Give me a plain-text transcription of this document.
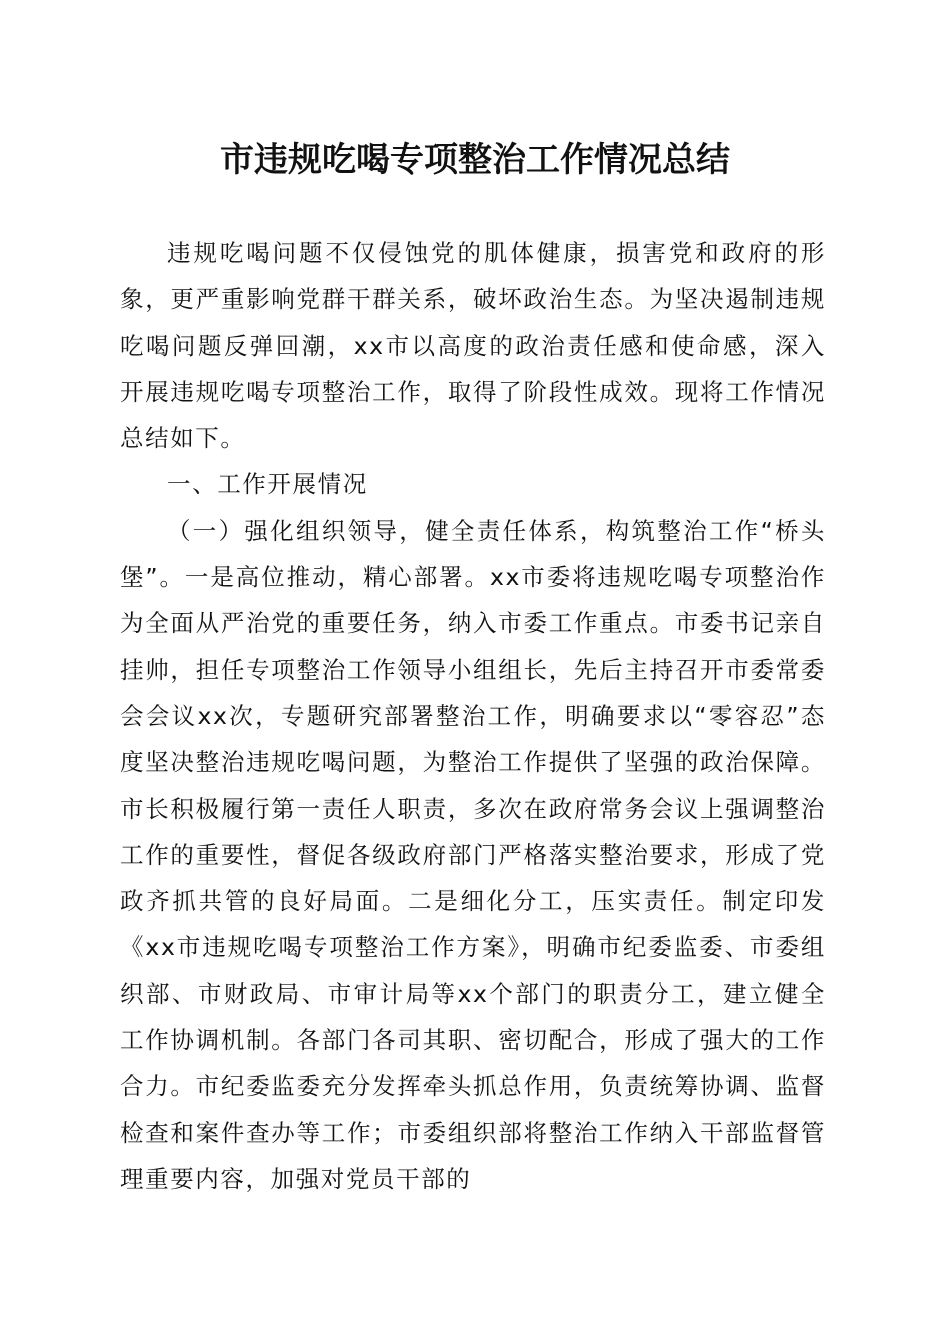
市违规吃喝专项整治工作情况总结

违规吃喝问题不仅侵蚀党的肌体健康，损害党和政府的形象，更严重影响党群干群关系，破坏政治生态。为坚决遏制违规吃喝问题反弹回潮，xx市以高度的政治责任感和使命感，深入开展违规吃喝专项整治工作，取得了阶段性成效。现将工作情况总结如下。

一、工作开展情况

（一）强化组织领导，健全责任体系，构筑整治工作“桥头堡”。一是高位推动，精心部署。xx市委将违规吃喝专项整治作为全面从严治党的重要任务，纳入市委工作重点。市委书记亲自挂帅，担任专项整治工作领导小组组长，先后主持召开市委常委会会议xx次，专题研究部署整治工作，明确要求以“零容忍”态度坚决整治违规吃喝问题，为整治工作提供了坚强的政治保障。市长积极履行第一责任人职责，多次在政府常务会议上强调整治工作的重要性，督促各级政府部门严格落实整治要求，形成了党政齐抓共管的良好局面。二是细化分工，压实责任。制定印发《xx市违规吃喝专项整治工作方案》，明确市纪委监委、市委组织部、市财政局、市审计局等xx个部门的职责分工，建立健全工作协调机制。各部门各司其职、密切配合，形成了强大的工作合力。市纪委监委充分发挥牵头抓总作用，负责统筹协调、监督检查和案件查办等工作；市委组织部将整治工作纳入干部监督管理重要内容，加强对党员干部的
